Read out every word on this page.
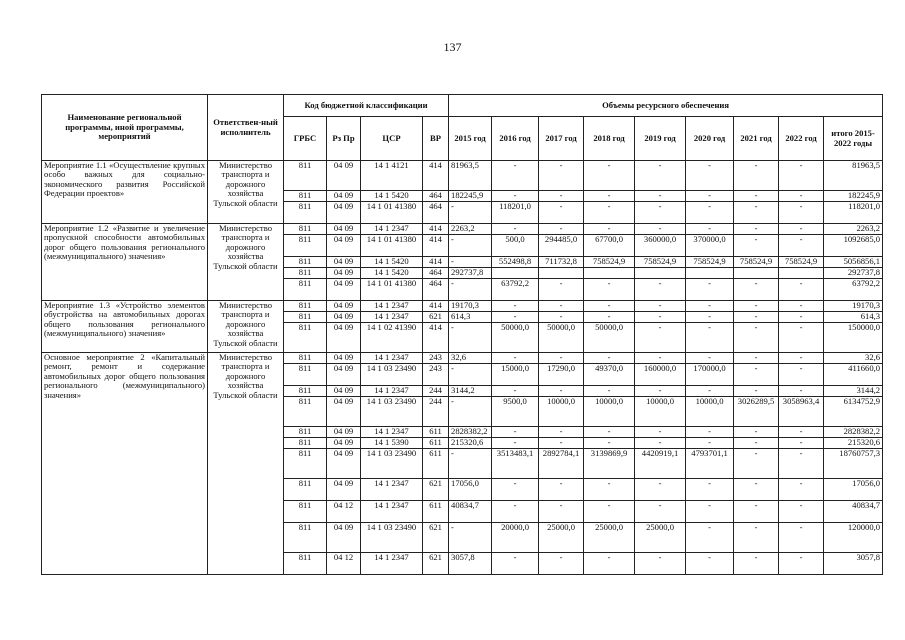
137
Наименование региональной программы, иной программы, мероприятий	Ответствен-ный исполнитель	Код бюджетной классификации				Объемы ресурсного обеспечения								
		ГРБС	Рз Пр	ЦСР	ВР	2015 год	2016 год	2017 год	2018 год	2019 год	2020 год	2021 год	2022 год	итого 2015-2022 годы
Мероприятие 1.1 «Осуществление крупных особо важных для социально-экономического развития Российской Федерации проектов»	Министерство транспорта и дорожного хозяйства Тульской области	811	04 09	14 1 4121	414	81963,5	-	-	-	-	-	-	-	81963,5
		811	04 09	14 1 5420	464	182245,9	-	-	-	-	-	-	-	182245,9
		811	04 09	14 1 01 41380	464	-	118201,0	-	-	-	-	-	-	118201,0
Мероприятие 1.2 «Развитие и увеличение пропускной способности автомобильных дорог общего пользования регионального (межмуниципального) значения»	Министерство транспорта и дорожного хозяйства Тульской области	811	04 09	14 1 2347	414	2263,2	-	-	-	-	-	-	-	2263,2
		811	04 09	14 1 01 41380	414	-	500,0	294485,0	67700,0	360000,0	370000,0	-	-	1092685,0
		811	04 09	14 1 5420	414	-	552498,8	711732,8	758524,9	758524,9	758524,9	758524,9	758524,9	5056856,1
		811	04 09	14 1 5420	464	292737,8								292737,8
		811	04 09	14 1 01 41380	464	-	63792,2	-	-	-	-	-	-	63792,2
Мероприятие 1.3 «Устройство элементов обустройства на автомобильных дорогах общего пользования регионального (межмуниципального) значения»	Министерство транспорта и дорожного хозяйства Тульской области	811	04 09	14 1 2347	414	19170,3	-	-	-	-	-	-	-	19170,3
		811	04 09	14 1 2347	621	614,3	-	-	-	-	-	-	-	614,3
		811	04 09	14 1 02 41390	414	-	50000,0	50000,0	50000,0	-	-	-	-	150000,0
Основное мероприятие 2 «Капитальный ремонт, ремонт и содержание автомобильных дорог общего пользования регионального (межмуниципального) значения»	Министерство транспорта и дорожного хозяйства Тульской области	811	04 09	14 1 2347	243	32,6	-	-	-	-	-	-	-	32,6
		811	04 09	14 1 03 23490	243	-	15000,0	17290,0	49370,0	160000,0	170000,0	-	-	411660,0
		811	04 09	14 1 2347	244	3144,2	-	-	-	-	-	-	-	3144,2
		811	04 09	14 1 03 23490	244	-	9500,0	10000,0	10000,0	10000,0	10000,0	3026289,5	3058963,4	6134752,9
		811	04 09	14 1 2347	611	2828382,2	-	-	-	-	-	-	-	2828382,2
		811	04 09	14 1 5390	611	215320,6	-	-	-	-	-	-	-	215320,6
		811	04 09	14 1 03 23490	611	-	3513483,1	2892784,1	3139869,9	4420919,1	4793701,1	-	-	18760757,3
		811	04 09	14 1 2347	621	17056,0	-	-	-	-	-	-	-	17056,0
		811	04 12	14 1 2347	611	40834,7	-	-	-	-	-	-	-	40834,7
		811	04 09	14 1 03 23490	621	-	20000,0	25000,0	25000,0	25000,0	-	-	-	120000,0
		811	04 12	14 1 2347	621	3057,8	-	-	-	-	-	-	-	3057,8
